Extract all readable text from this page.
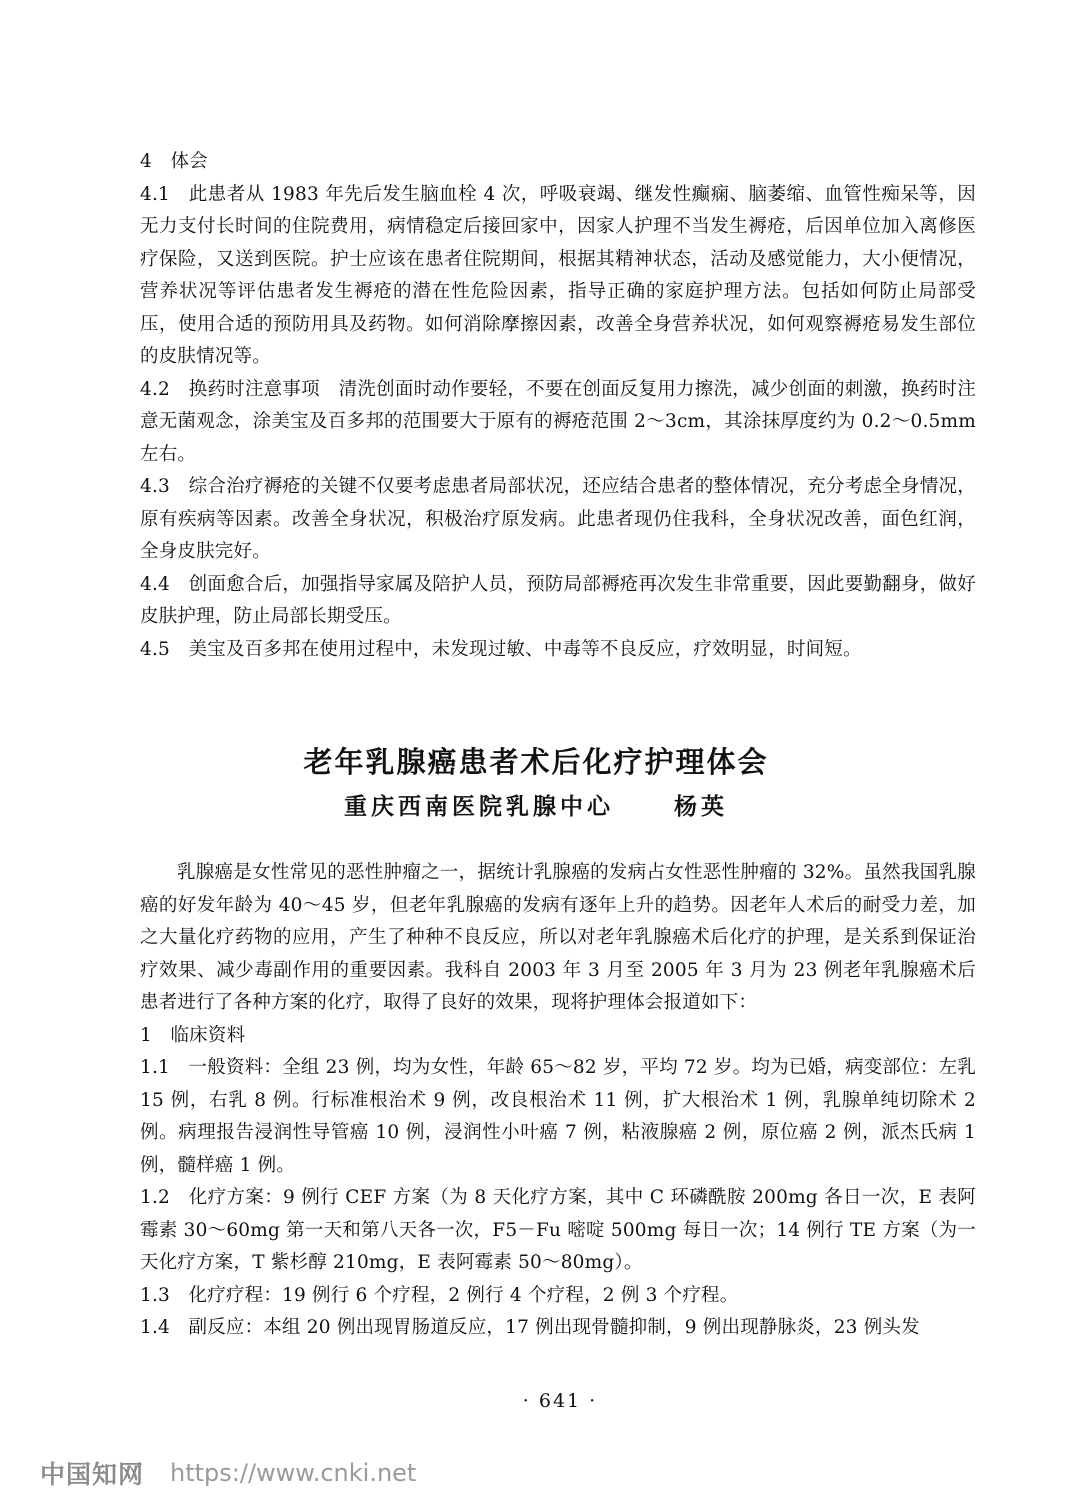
4 体会

4.1 此患者从 1983 年先后发生脑血栓 4 次，呼吸衰竭、继发性癫痫、脑萎缩、血管性痴呆等，因无力支付长时间的住院费用，病情稳定后接回家中，因家人护理不当发生褥疮，后因单位加入离修医疗保险，又送到医院。护士应该在患者住院期间，根据其精神状态，活动及感觉能力，大小便情况，营养状况等评估患者发生褥疮的潜在性危险因素，指导正确的家庭护理方法。包括如何防止局部受压，使用合适的预防用具及药物。如何消除摩擦因素，改善全身营养状况，如何观察褥疮易发生部位的皮肤情况等。

4.2 换药时注意事项　清洗创面时动作要轻，不要在创面反复用力擦洗，减少创面的刺激，换药时注意无菌观念，涂美宝及百多邦的范围要大于原有的褥疮范围 2～3cm，其涂抹厚度约为 0.2～0.5mm 左右。

4.3 综合治疗褥疮的关键不仅要考虑患者局部状况，还应结合患者的整体情况，充分考虑全身情况，原有疾病等因素。改善全身状况，积极治疗原发病。此患者现仍住我科，全身状况改善，面色红润，全身皮肤完好。

4.4 创面愈合后，加强指导家属及陪护人员，预防局部褥疮再次发生非常重要，因此要勤翻身，做好皮肤护理，防止局部长期受压。

4.5 美宝及百多邦在使用过程中，未发现过敏、中毒等不良反应，疗效明显，时间短。

老年乳腺癌患者术后化疗护理体会
重庆西南医院乳腺中心	杨英

乳腺癌是女性常见的恶性肿瘤之一，据统计乳腺癌的发病占女性恶性肿瘤的 32%。虽然我国乳腺癌的好发年龄为 40～45 岁，但老年乳腺癌的发病有逐年上升的趋势。因老年人术后的耐受力差，加之大量化疗药物的应用，产生了种种不良反应，所以对老年乳腺癌术后化疗的护理，是关系到保证治疗效果、减少毒副作用的重要因素。我科自 2003 年 3 月至 2005 年 3 月为 23 例老年乳腺癌术后患者进行了各种方案的化疗，取得了良好的效果，现将护理体会报道如下：

1 临床资料

1.1 一般资料：全组 23 例，均为女性，年龄 65～82 岁，平均 72 岁。均为已婚，病变部位：左乳 15 例，右乳 8 例。行标准根治术 9 例，改良根治术 11 例，扩大根治术 1 例，乳腺单纯切除术 2 例。病理报告浸润性导管癌 10 例，浸润性小叶癌 7 例，粘液腺癌 2 例，原位癌 2 例，派杰氏病 1 例，髓样癌 1 例。

1.2 化疗方案：9 例行 CEF 方案（为 8 天化疗方案，其中 C 环磷酰胺 200mg 各日一次，E 表阿霉素 30～60mg 第一天和第八天各一次，F5－Fu 嘧啶 500mg 每日一次；14 例行 TE 方案（为一天化疗方案，T 紫杉醇 210mg，E 表阿霉素 50～80mg）。

1.3 化疗疗程：19 例行 6 个疗程，2 例行 4 个疗程，2 例 3 个疗程。

1.4 副反应：本组 20 例出现胃肠道反应，17 例出现骨髓抑制，9 例出现静脉炎，23 例头发

· 641 ·
中国知网 https://www.cnki.net
